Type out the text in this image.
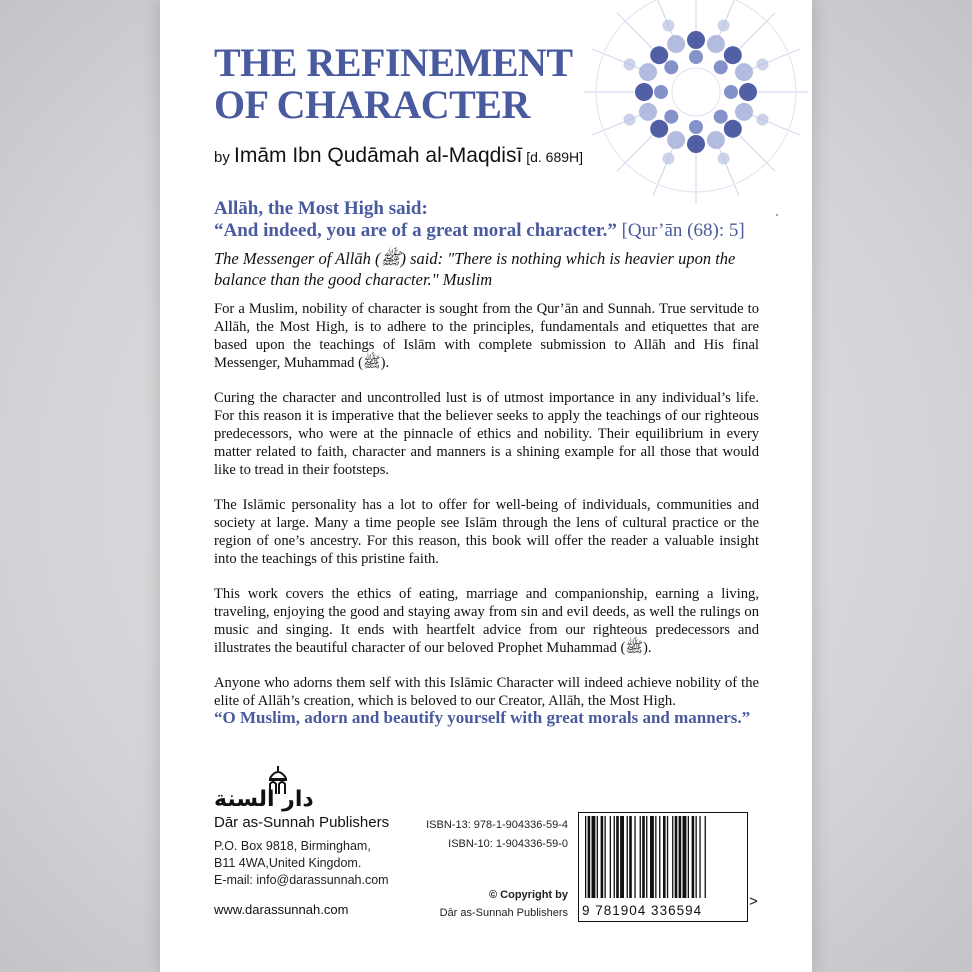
THE REFINEMENT
OF CHARACTER
by Imām Ibn Qudāmah al-Maqdisī [d. 689H]
Allāh, the Most High said:
“And indeed, you are of a great moral character.” [Qur’ān (68): 5]
The Messenger of Allāh (ﷺ) said: "There is nothing which is heavier upon the balance than the good character." Muslim

For a Muslim, nobility of character is sought from the Qur’ān and Sunnah. True servitude to Allāh, the Most High, is to adhere to the principles, fundamentals and etiquettes that are based upon the teachings of Islām with complete submission to Allāh and His final Messenger, Muhammad (ﷺ).

Curing the character and uncontrolled lust is of utmost importance in any individual’s life. For this reason it is imperative that the believer seeks to apply the teachings of our righteous predecessors, who were at the pinnacle of ethics and nobility. Their equilibrium in every matter related to faith, character and manners is a shining example for all those that would like to tread in their footsteps.

The Islāmic personality has a lot to offer for well-being of individuals, communities and society at large. Many a time people see Islām through the lens of cultural practice or the region of one’s ancestry. For this reason, this book will offer the reader a valuable insight into the teachings of this pristine faith.

This work covers the ethics of eating, marriage and companionship, earning a living, traveling, enjoying the good and staying away from sin and evil deeds, as well the rulings on music and singing. It ends with heartfelt advice from our righteous predecessors and illustrates the beautiful character of our beloved Prophet Muhammad (ﷺ).

Anyone who adorns them self with this Islāmic Character will indeed achieve nobility of the elite of Allāh’s creation, which is beloved to our Creator, Allāh, the Most High.

“O Muslim, adorn and beautify yourself with great morals and manners.”
دار السنة
Dār as-Sunnah Publishers
P.O. Box 9818, Birmingham,
B11 4WA,United Kingdom.
E-mail: info@darassunnah.com
www.darassunnah.com
ISBN-13: 978-1-904336-59-4
ISBN-10: 1-904336-59-0
© Copyright by
Dār as-Sunnah Publishers 9 781904 336594
>
